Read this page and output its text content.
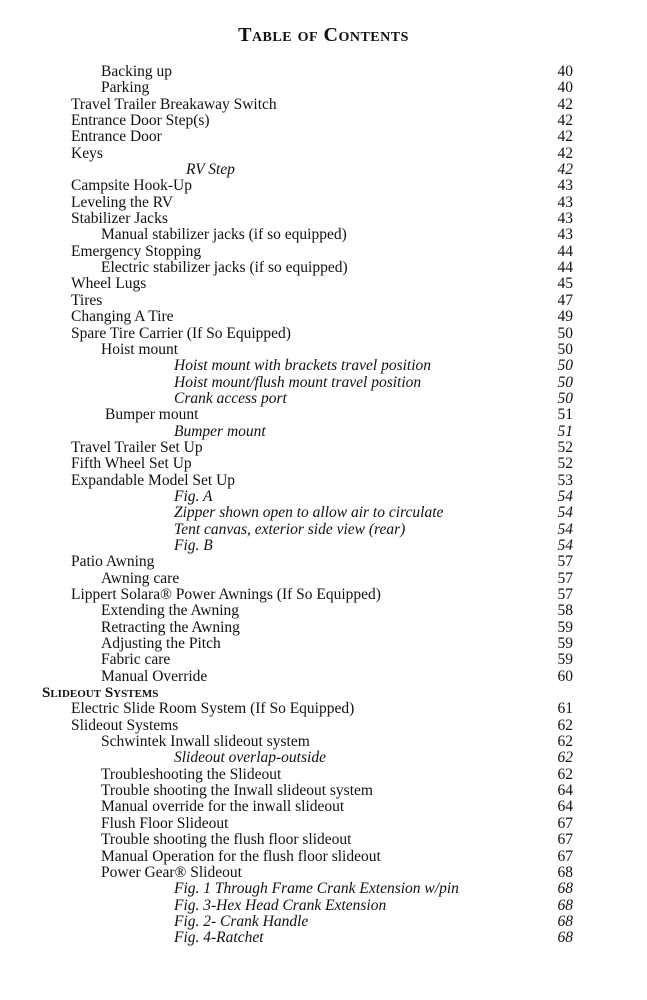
Table of Contents
Backing up	40
Parking	40
Travel Trailer Breakaway Switch	42
Entrance Door Step(s)	42
Entrance Door	42
Keys	42
RV Step	42
Campsite Hook-Up	43
Leveling the RV	43
Stabilizer Jacks	43
Manual stabilizer jacks (if so equipped)	43
Emergency Stopping	44
Electric stabilizer jacks (if so equipped)	44
Wheel Lugs	45
Tires	47
Changing A Tire	49
Spare Tire Carrier (If So Equipped)	50
Hoist mount	50
Hoist mount with brackets travel position	50
Hoist mount/flush mount travel position	50
Crank access port	50
Bumper mount	51
Bumper mount	51
Travel Trailer Set Up	52
Fifth Wheel Set Up	52
Expandable Model Set Up	53
Fig. A	54
Zipper shown open to allow air to circulate	54
Tent canvas, exterior side view (rear)	54
Fig. B	54
Patio Awning	57
Awning care	57
Lippert Solara® Power Awnings (If So Equipped)	57
Extending the Awning	58
Retracting the Awning	59
Adjusting the Pitch	59
Fabric care	59
Manual Override	60
Slideout Systems
Electric Slide Room System (If So Equipped)	61
Slideout Systems	62
Schwintek Inwall slideout system	62
Slideout overlap-outside	62
Troubleshooting the Slideout	62
Trouble shooting the Inwall slideout system	64
Manual override for the inwall slideout	64
Flush Floor Slideout	67
Trouble shooting the flush floor slideout	67
Manual Operation for the flush floor slideout	67
Power Gear® Slideout	68
Fig. 1 Through Frame Crank Extension w/pin	68
Fig. 3-Hex Head Crank Extension	68
Fig. 2- Crank Handle	68
Fig. 4-Ratchet	68
